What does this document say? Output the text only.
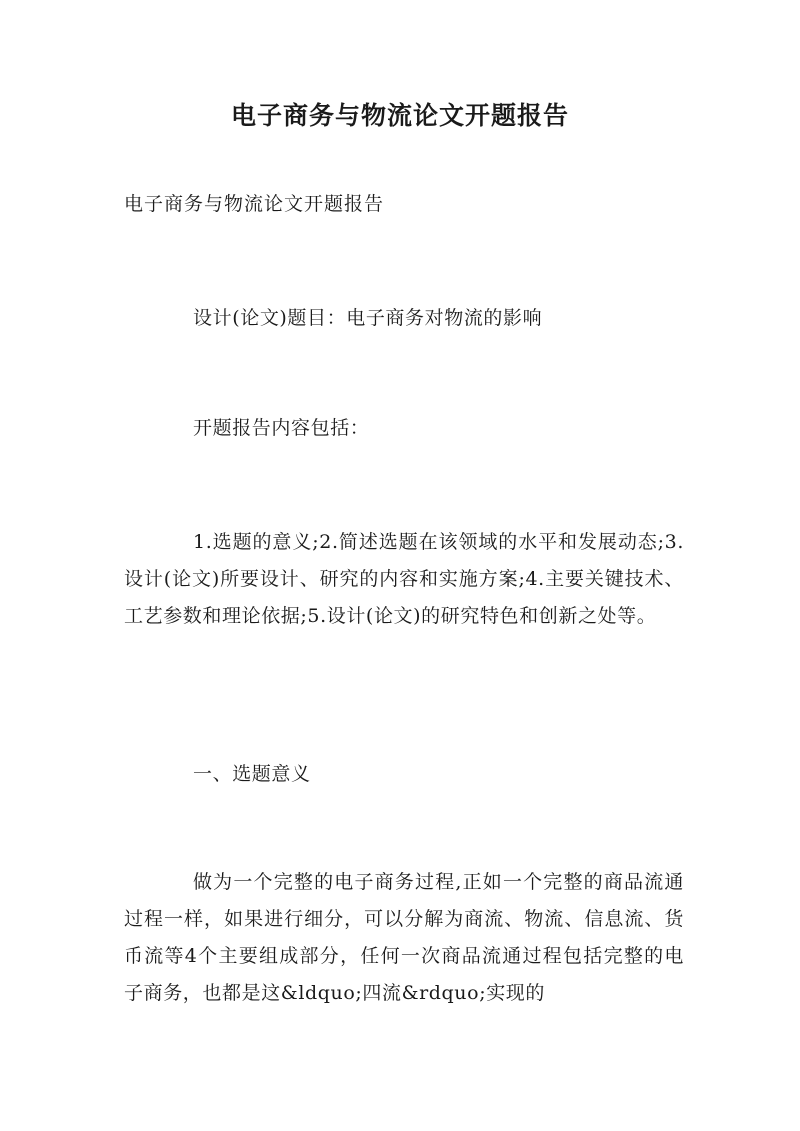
电子商务与物流论文开题报告
电子商务与物流论文开题报告
设计(论文)题目：电子商务对物流的影响
开题报告内容包括：
1.选题的意义;2.简述选题在该领域的水平和发展动态;3.设计(论文)所要设计、研究的内容和实施方案;4.主要关键技术、工艺参数和理论依据;5.设计(论文)的研究特色和创新之处等。
一、选题意义
做为一个完整的电子商务过程,正如一个完整的商品流通过程一样，如果进行细分，可以分解为商流、物流、信息流、货币流等4个主要组成部分，任何一次商品流通过程包括完整的电子商务，也都是这&ldquo;四流&rdquo;实现的
